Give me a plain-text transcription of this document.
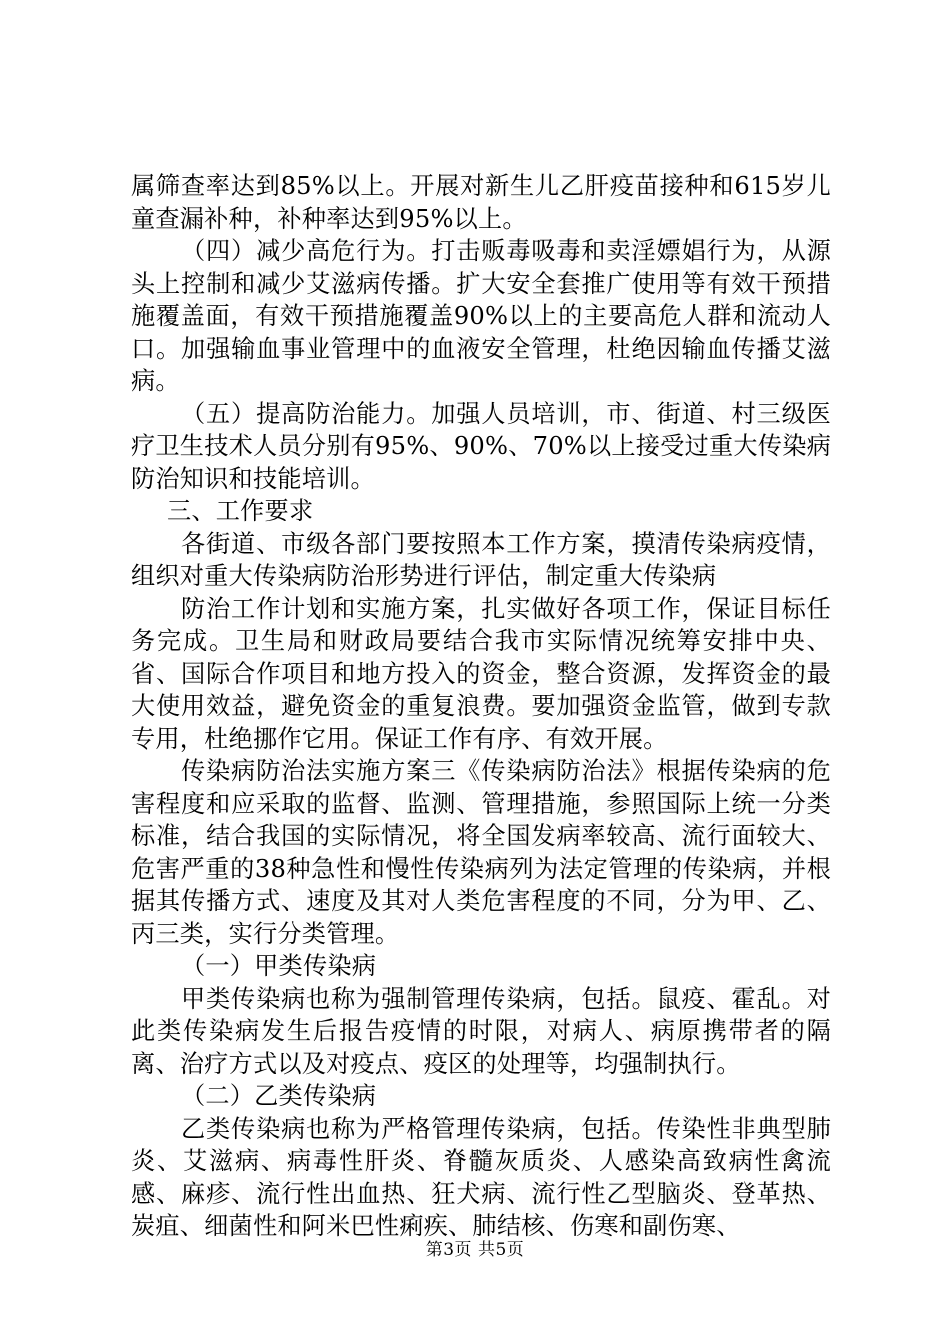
属筛查率达到85%以上。开展对新生儿乙肝疫苗接种和615岁儿童查漏补种，补种率达到95%以上。

（四）减少高危行为。打击贩毒吸毒和卖淫嫖娼行为，从源头上控制和减少艾滋病传播。扩大安全套推广使用等有效干预措施覆盖面，有效干预措施覆盖90%以上的主要高危人群和流动人口。加强输血事业管理中的血液安全管理，杜绝因输血传播艾滋病。

（五）提高防治能力。加强人员培训，市、街道、村三级医疗卫生技术人员分别有95%、90%、70%以上接受过重大传染病防治知识和技能培训。

三、工作要求

各街道、市级各部门要按照本工作方案，摸清传染病疫情，组织对重大传染病防治形势进行评估，制定重大传染病

防治工作计划和实施方案，扎实做好各项工作，保证目标任务完成。卫生局和财政局要结合我市实际情况统筹安排中央、省、国际合作项目和地方投入的资金，整合资源，发挥资金的最大使用效益，避免资金的重复浪费。要加强资金监管，做到专款专用，杜绝挪作它用。保证工作有序、有效开展。

传染病防治法实施方案三《传染病防治法》根据传染病的危害程度和应采取的监督、监测、管理措施，参照国际上统一分类标准，结合我国的实际情况，将全国发病率较高、流行面较大、危害严重的38种急性和慢性传染病列为法定管理的传染病，并根据其传播方式、速度及其对人类危害程度的不同，分为甲、乙、丙三类，实行分类管理。

（一）甲类传染病

甲类传染病也称为强制管理传染病，包括。鼠疫、霍乱。对此类传染病发生后报告疫情的时限，对病人、病原携带者的隔离、治疗方式以及对疫点、疫区的处理等，均强制执行。

（二）乙类传染病

乙类传染病也称为严格管理传染病，包括。传染性非典型肺炎、艾滋病、病毒性肝炎、脊髓灰质炎、人感染高致病性禽流感、麻疹、流行性出血热、狂犬病、流行性乙型脑炎、登革热、炭疽、细菌性和阿米巴性痢疾、肺结核、伤寒和副伤寒、

第3页 共5页
